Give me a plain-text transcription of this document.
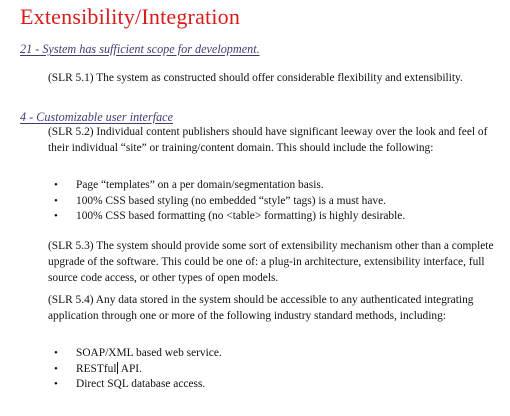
Extensibility/Integration
21 - System has sufficient scope for development.
(SLR 5.1) The system as constructed should offer considerable flexibility and extensibility.
4 - Customizable user interface
(SLR 5.2) Individual content publishers should have significant leeway over the look and feel of their individual “site” or training/content domain. This should include the following:
• Page “templates” on a per domain/segmentation basis.
• 100% CSS based styling (no embedded “style” tags) is a must have.
• 100% CSS based formatting (no <table> formatting) is highly desirable.
(SLR 5.3) The system should provide some sort of extensibility mechanism other than a complete upgrade of the software. This could be one of: a plug-in architecture, extensibility interface, full source code access, or other types of open models.
(SLR 5.4) Any data stored in the system should be accessible to any authenticated integrating application through one or more of the following industry standard methods, including:
• SOAP/XML based web service.
• RESTful API.
• Direct SQL database access.
